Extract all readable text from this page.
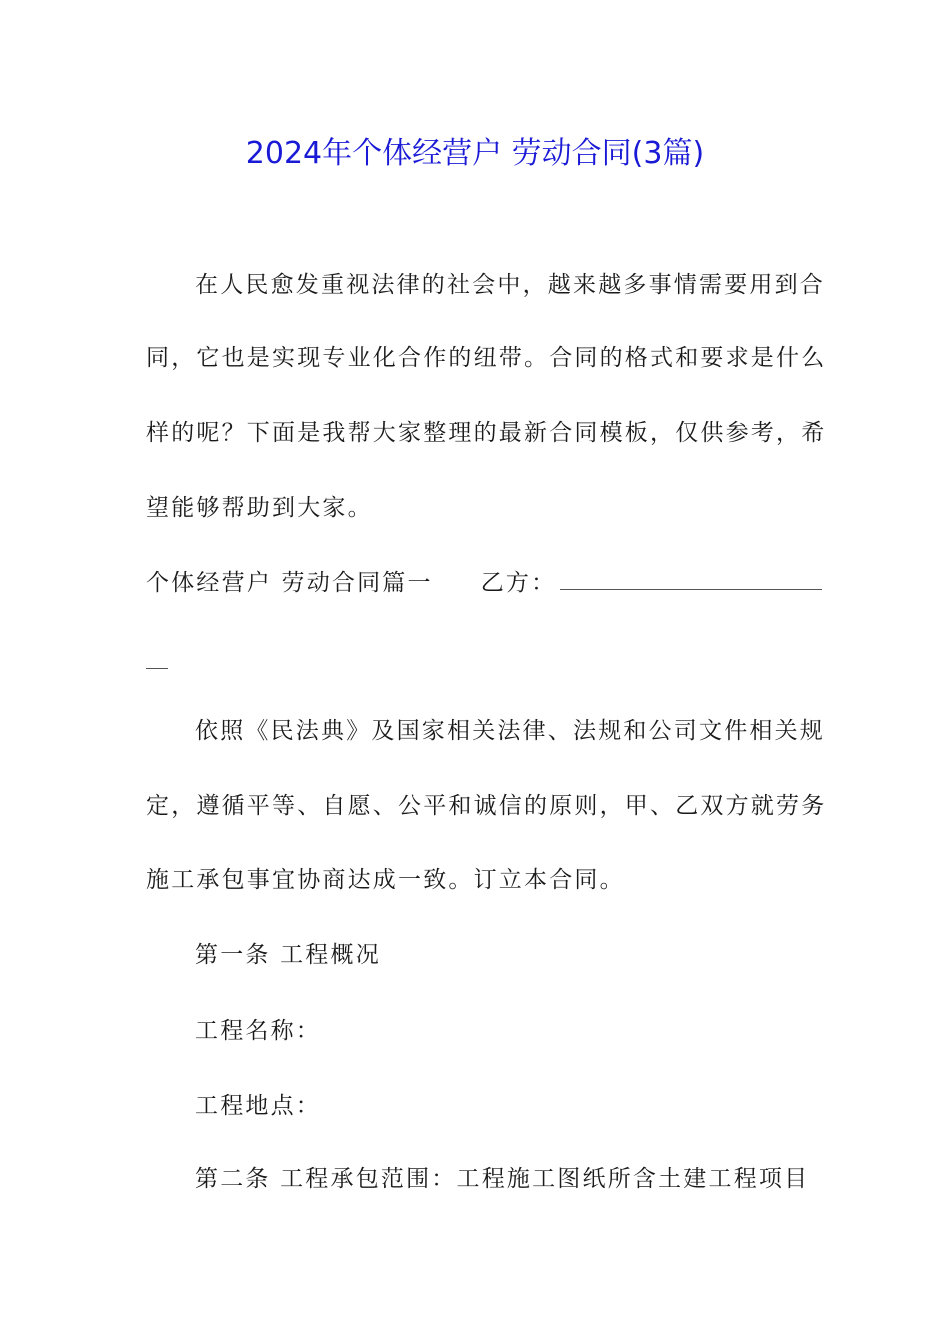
2024年个体经营户 劳动合同(3篇)
在人民愈发重视法律的社会中，越来越多事情需要用到合
同，它也是实现专业化合作的纽带。合同的格式和要求是什么
样的呢？下面是我帮大家整理的最新合同模板，仅供参考，希
望能够帮助到大家。
个体经营户 劳动合同篇一 乙方：
依照《民法典》及国家相关法律、法规和公司文件相关规
定，遵循平等、自愿、公平和诚信的原则，甲、乙双方就劳务
施工承包事宜协商达成一致。订立本合同。
第一条 工程概况
工程名称：
工程地点：
第二条 工程承包范围：工程施工图纸所含土建工程项目
